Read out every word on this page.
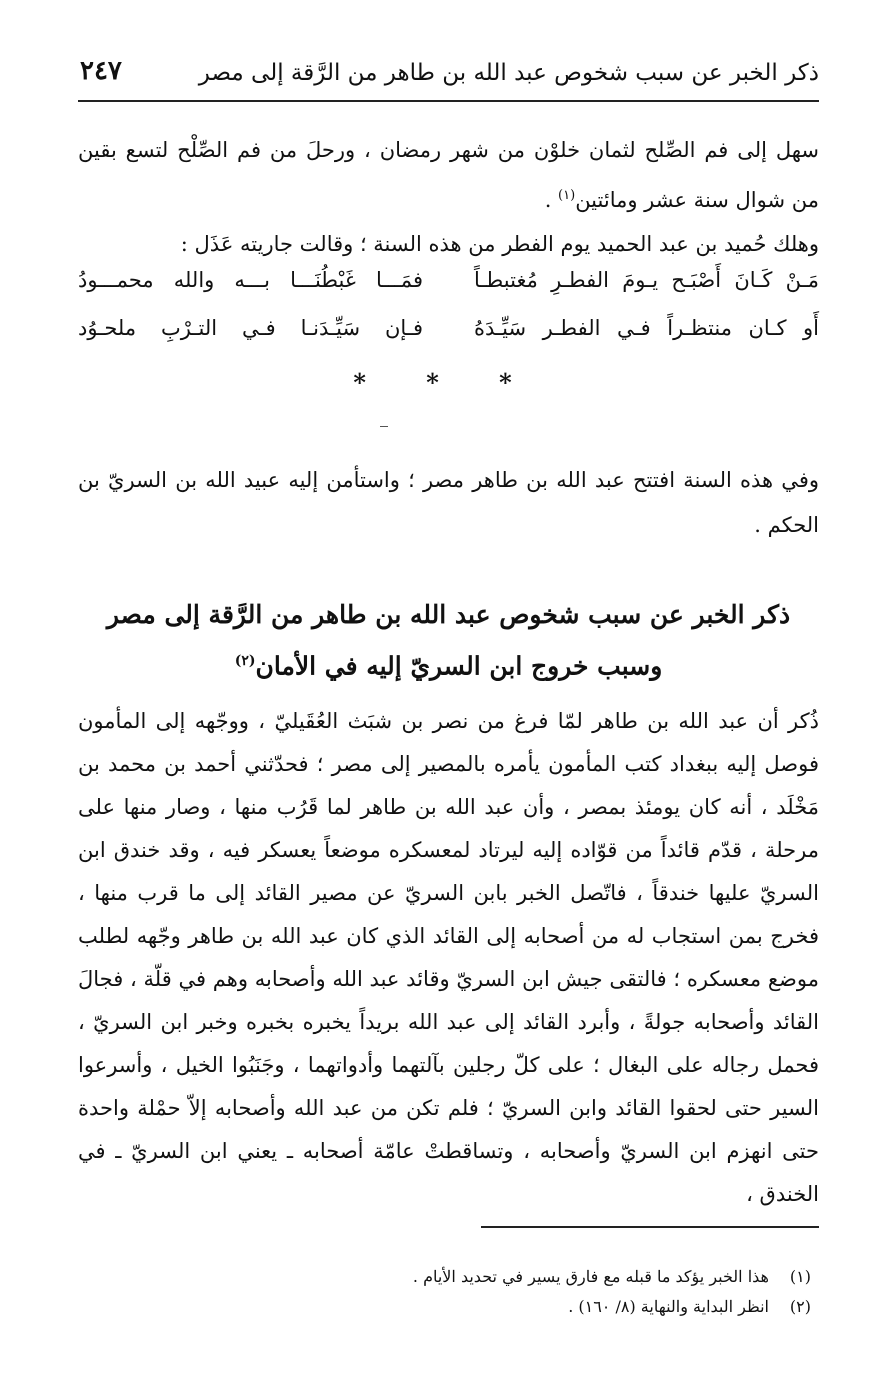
ذكر الخبر عن سبب شخوص عبد الله بن طاهر من الرَّقة إلى مصر
٢٤٧

سهل إلى فم الصِّلح لثمان خلوْن من شهر رمضان ، ورحلَ من فم الصِّلْح لتسع بقين من شوال سنة عشر ومائتين$^{(١)}$ .

وهلك حُميد بن عبد الحميد يوم الفطر من هذه السنة ؛ وقالت جاريته عَذَل :

مَـنْ كَـانَ أَصْبَـح يـومَ الفطـرِ مُغتبطـاً
فمَـــا غَبْطُنَـــا بـــه والله محمـــودُ
أَو كـان منتظـراً فـي الفطـر سَيِّـدَهُ
فـإن سَيِّـدَنـا فـي التـرْبِ ملحـوُد
* * *

وفي هذه السنة افتتح عبد الله بن طاهر مصر ؛ واستأمن إليه عبيد الله بن السريّ بن الحكم .

ذكر الخبر عن سبب شخوص عبد الله بن طاهر من الرَّقة إلى مصر
وسبب خروج ابن السريّ إليه في الأمان$^{(٢)}$

ذُكر أن عبد الله بن طاهر لمّا فرغ من نصر بن شبَث العُقَيليّ ، ووجّهه إلى المأمون فوصل إليه ببغداد كتب المأمون يأمره بالمصير إلى مصر ؛ فحدّثني أحمد بن محمد بن مَخْلَد ، أنه كان يومئذ بمصر ، وأن عبد الله بن طاهر لما قَرُب منها ، وصار منها على مرحلة ، قدّم قائداً من قوّاده إليه ليرتاد لمعسكره موضعاً يعسكر فيه ، وقد خندق ابن السريّ عليها خندقاً ، فاتّصل الخبر بابن السريّ عن مصير القائد إلى ما قرب منها ، فخرج بمن استجاب له من أصحابه إلى القائد الذي كان عبد الله بن طاهر وجّهه لطلب موضع معسكره ؛ فالتقى جيش ابن السريّ وقائد عبد الله وأصحابه وهم في قلّة ، فجالَ القائد وأصحابه جولةً ، وأبرد القائد إلى عبد الله بريداً يخبره بخبره وخبر ابن السريّ ، فحمل رجاله على البغال ؛ على كلّ رجلين بآلتهما وأدواتهما ، وجَنَبُوا الخيل ، وأسرعوا السير حتى لحقوا القائد وابن السريّ ؛ فلم تكن من عبد الله وأصحابه إلاّ حمْلة واحدة حتى انهزم ابن السريّ وأصحابه ، وتساقطتْ عامّة أصحابه ـ يعني ابن السريّ ـ في الخندق ،

(١)هذا الخبر يؤكد ما قبله مع فارق يسير في تحديد الأيام .
(٢)انظر البداية والنهاية (٨/ ١٦٠) .
